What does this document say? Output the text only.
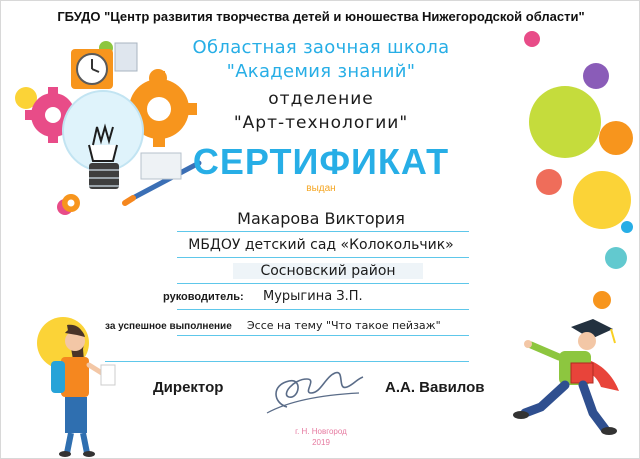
ГБУДО "Центр развития творчества детей и юношества Нижегородской области"
Областная заочная школа
"Академия знаний"
отделение
"Арт-технологии"
СЕРТИФИКАТ
выдан
Макарова Виктория
МБДОУ детский сад «Колокольчик»
Сосновский район
руководитель: Мурыгина З.П.
за успешное выполнение Эссе на тему "Что такое пейзаж"
Директор	А.А. Вавилов
г. Н. Новгород
2019
